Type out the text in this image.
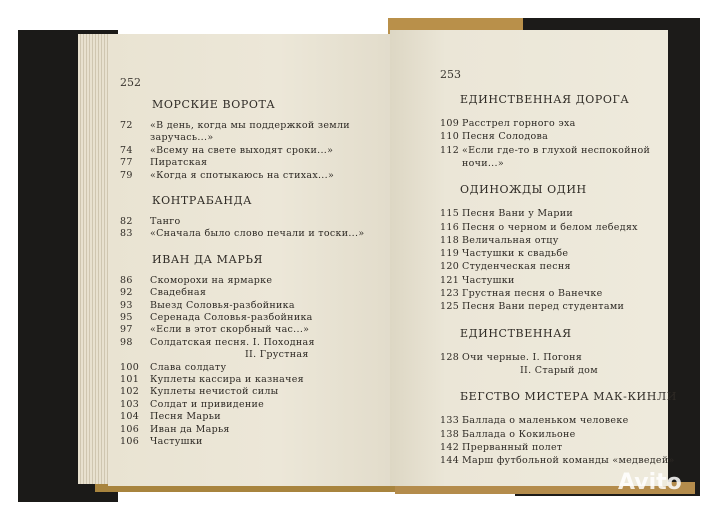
252
МОРСКИЕ ВОРОТА
72 «В день, когда мы поддержкой земли
заручась...»
74 «Всему на свете выходят сроки...»
77 Пиратская
79 «Когда я спотыкаюсь на стихах...»
КОНТРАБАНДА
82 Танго
83 «Сначала было слово печали и тоски...»
ИВАН ДА МАРЬЯ
86 Скоморохи на ярмарке
92 Свадебная
93 Выезд Соловья-разбойника
95 Серенада Соловья-разбойника
97 «Если в этот скорбный час...»
98 Солдатская песня. I. Походная
II. Грустная
100 Слава солдату
101 Куплеты кассира и казначея
102 Куплеты нечистой силы
103 Солдат и привидение
104 Песня Марьи
106 Иван да Марья
106 Частушки
253
ЕДИНСТВЕННАЯ ДОРОГА
109 Расстрел горного эха
110 Песня Солодова
112 «Если где-то в глухой неспокойной
ночи...»
ОДИНОЖДЫ ОДИН
115 Песня Вани у Марии
116 Песня о черном и белом лебедях
118 Величальная отцу
119 Частушки к свадьбе
120 Студенческая песня
121 Частушки
123 Грустная песня о Ванечке
125 Песня Вани перед студентами
ЕДИНСТВЕННАЯ
128 Очи черные. I. Погоня
II. Старый дом
БЕГСТВО МИСТЕРА МАК-КИНЛИ
133 Баллада о маленьком человеке
138 Баллада о Кокильоне
142 Прерванный полет
144 Марш футбольной команды «медведей»
Avito
